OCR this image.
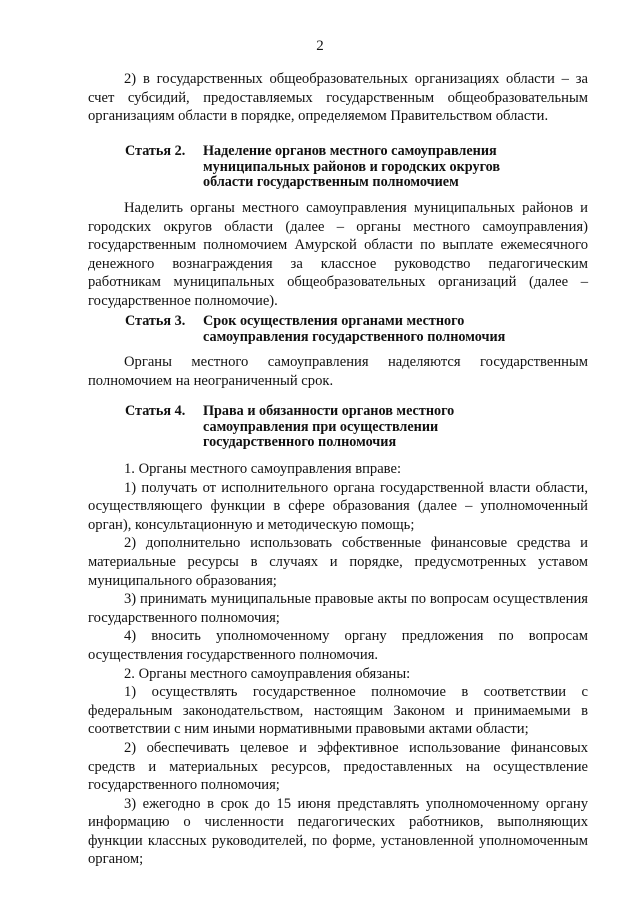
2

2) в государственных общеобразовательных организациях области – за счет субсидий, предоставляемых государственным общеобразовательным организациям области в порядке, определяемом Правительством области.

Статья 2.	Наделение органов местного самоуправления
муниципальных районов и городских округов
области государственным полномочием

Наделить органы местного самоуправления муниципальных районов и городских округов области (далее – органы местного самоуправления) государственным полномочием Амурской области по выплате ежемесячного денежного вознаграждения за классное руководство педагогическим работникам муниципальных общеобразовательных организаций (далее – государственное полномочие).

Статья 3.	Срок осуществления органами местного
самоуправления государственного полномочия

Органы местного самоуправления наделяются государственным полномочием на неограниченный срок.

Статья 4.	Права и обязанности органов местного
самоуправления при осуществлении
государственного полномочия

1. Органы местного самоуправления вправе:

1) получать от исполнительного органа государственной власти области, осуществляющего функции в сфере образования (далее – уполномоченный орган), консультационную и методическую помощь;

2) дополнительно использовать собственные финансовые средства и материальные ресурсы в случаях и порядке, предусмотренных уставом муниципального образования;

3) принимать муниципальные правовые акты по вопросам осуществления государственного полномочия;

4) вносить уполномоченному органу предложения по вопросам осуществления государственного полномочия.

2. Органы местного самоуправления обязаны:

1) осуществлять государственное полномочие в соответствии с федеральным законодательством, настоящим Законом и принимаемыми в соответствии с ним иными нормативными правовыми актами области;

2) обеспечивать целевое и эффективное использование финансовых средств и материальных ресурсов, предоставленных на осуществление государственного полномочия;

3) ежегодно в срок до 15 июня представлять уполномоченному органу информацию о численности педагогических работников, выполняющих функции классных руководителей, по форме, установленной уполномоченным органом;
